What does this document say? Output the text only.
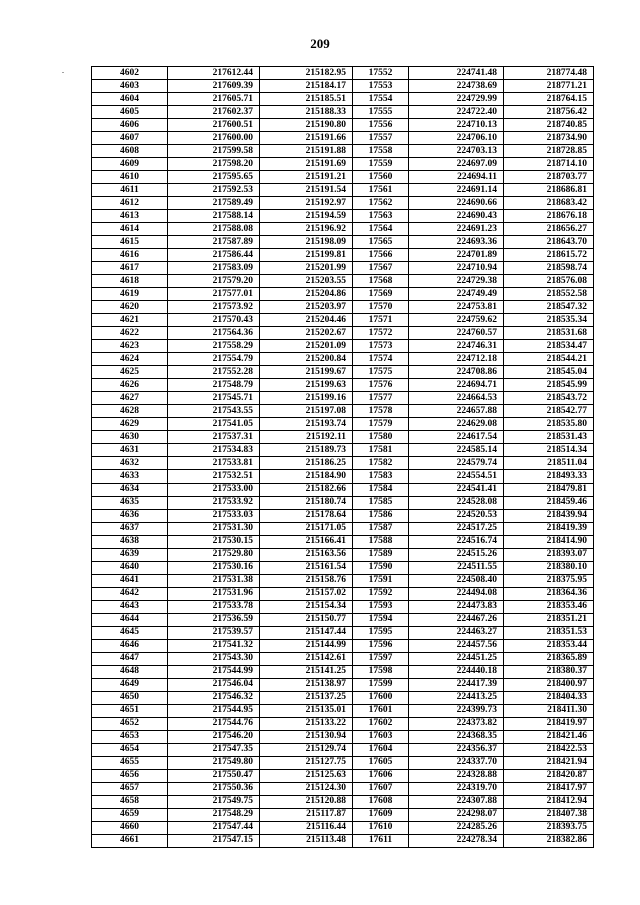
209
.	4602	217612.44	215182.95	17552	224741.48	218774.48
4603	217609.39	215184.17	17553	224738.69	218771.21
4604	217605.71	215185.51	17554	224729.99	218764.15
4605	217602.37	215188.33	17555	224722.40	218756.42
4606	217600.51	215190.80	17556	224710.13	218740.85
4607	217600.00	215191.66	17557	224706.10	218734.90
4608	217599.58	215191.88	17558	224703.13	218728.85
4609	217598.20	215191.69	17559	224697.09	218714.10
4610	217595.65	215191.21	17560	224694.11	218703.77
4611	217592.53	215191.54	17561	224691.14	218686.81
4612	217589.49	215192.97	17562	224690.66	218683.42
4613	217588.14	215194.59	17563	224690.43	218676.18
4614	217588.08	215196.92	17564	224691.23	218656.27
4615	217587.89	215198.09	17565	224693.36	218643.70
4616	217586.44	215199.81	17566	224701.89	218615.72
4617	217583.09	215201.99	17567	224710.94	218598.74
4618	217579.20	215203.55	17568	224729.38	218576.08
4619	217577.01	215204.86	17569	224749.49	218552.58
4620	217573.92	215203.97	17570	224753.81	218547.32
4621	217570.43	215204.46	17571	224759.62	218535.34
4622	217564.36	215202.67	17572	224760.57	218531.68
4623	217558.29	215201.09	17573	224746.31	218534.47
4624	217554.79	215200.84	17574	224712.18	218544.21
4625	217552.28	215199.67	17575	224708.86	218545.04
4626	217548.79	215199.63	17576	224694.71	218545.99
4627	217545.71	215199.16	17577	224664.53	218543.72
4628	217543.55	215197.08	17578	224657.88	218542.77
4629	217541.05	215193.74	17579	224629.08	218535.80
4630	217537.31	215192.11	17580	224617.54	218531.43
4631	217534.83	215189.73	17581	224585.14	218514.34
4632	217533.81	215186.25	17582	224579.74	218511.04
4633	217532.51	215184.90	17583	224554.51	218493.33
4634	217533.00	215182.66	17584	224541.41	218479.81
4635	217533.92	215180.74	17585	224528.08	218459.46
4636	217533.03	215178.64	17586	224520.53	218439.94
4637	217531.30	215171.05	17587	224517.25	218419.39
4638	217530.15	215166.41	17588	224516.74	218414.90
4639	217529.80	215163.56	17589	224515.26	218393.07
4640	217530.16	215161.54	17590	224511.55	218380.10
4641	217531.38	215158.76	17591	224508.40	218375.95
4642	217531.96	215157.02	17592	224494.08	218364.36
4643	217533.78	215154.34	17593	224473.83	218353.46
4644	217536.59	215150.77	17594	224467.26	218351.21
4645	217539.57	215147.44	17595	224463.27	218351.53
4646	217541.32	215144.99	17596	224457.56	218353.44
4647	217543.30	215142.61	17597	224451.25	218365.89
4648	217544.99	215141.25	17598	224440.18	218380.37
4649	217546.04	215138.97	17599	224417.39	218400.97
4650	217546.32	215137.25	17600	224413.25	218404.33
4651	217544.95	215135.01	17601	224399.73	218411.30
4652	217544.76	215133.22	17602	224373.82	218419.97
4653	217546.20	215130.94	17603	224368.35	218421.46
4654	217547.35	215129.74	17604	224356.37	218422.53
4655	217549.80	215127.75	17605	224337.70	218421.94
4656	217550.47	215125.63	17606	224328.88	218420.87
4657	217550.36	215124.30	17607	224319.70	218417.97
4658	217549.75	215120.88	17608	224307.88	218412.94
4659	217548.29	215117.87	17609	224298.07	218407.38
4660	217547.44	215116.44	17610	224285.26	218393.75
4661	217547.15	215113.48	17611	224278.34	218382.86
